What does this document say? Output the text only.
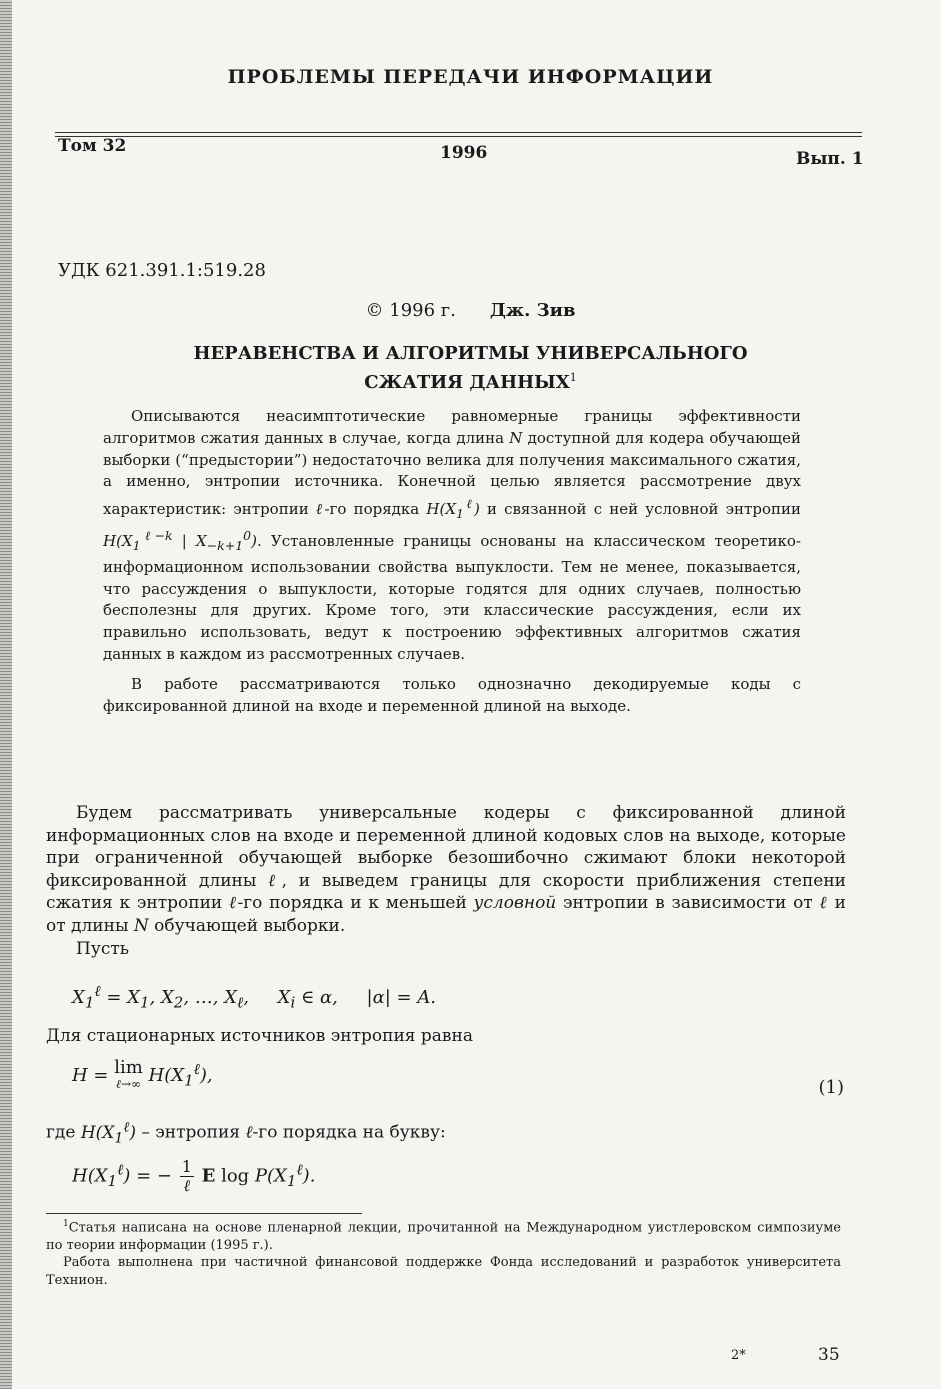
ПРОБЛЕМЫ ПЕРЕДАЧИ ИНФОРМАЦИИ
Том 32	1996	Вып. 1
УДК 621.391.1:519.28
© 1996 г. Дж. Зив
НЕРАВЕНСТВА И АЛГОРИТМЫ УНИВЕРСАЛЬНОГО
СЖАТИЯ ДАННЫХ$^1$

Описываются неасимптотические равномерные границы эффективности алгоритмов сжатия данных в случае, когда длина N доступной для кодера обучающей выборки (“предыстории”) недостаточно велика для получения максимального сжатия, а именно, энтропии источника. Конечной целью является рассмотрение двух характеристик: энтропии ℓ-го порядка $H(X_1^\ell)$ и связанной с ней условной энтропии $H(X_1^{\ell-k}$ | $X_{-k+1}^0$). Установленные границы основаны на классическом теоретико-информационном использовании свойства выпуклости. Тем не менее, показывается, что рассуждения о выпуклости, которые годятся для одних случаев, полностью бесполезны для других. Кроме того, эти классические рассуждения, если их правильно использовать, ведут к построению эффективных алгоритмов сжатия данных в каждом из рассмотренных случаев.

В работе рассматриваются только однозначно декодируемые коды с фиксированной длиной на входе и переменной длиной на выходе.

Будем рассматривать универсальные кодеры с фиксированной длиной информационных слов на входе и переменной длиной кодовых слов на выходе, которые при ограниченной обучающей выборке безошибочно сжимают блоки некоторой фиксированной длины ℓ, и выведем границы для скорости приближения степени сжатия к энтропии ℓ-го порядка и к меньшей условной энтропии в зависимости от ℓ и от длины N обучающей выборки.

Пусть

$X_1^\ell = X_1$, $X_2$, …, $X_\ell$,     $X_i$ ∈ α,     |α| = A.
Для стационарных источников энтропия равна
H = lim
ℓ→∞ $H(X_1^\ell)$,
(1)
где $H(X_1^\ell)$ – энтропия ℓ-го порядка на букву:
$H(X_1^\ell)$ = − $\frac{1}{\text{ℓ}}$ E $\log P(X_1^\ell)$.

$^1$Статья написана на основе пленарной лекции, прочитанной на Международном уистлеровском симпозиуме по теории информации (1995 г.).

Работа выполнена при частичной финансовой поддержке Фонда исследований и разработок университета Технион.

2*	35
